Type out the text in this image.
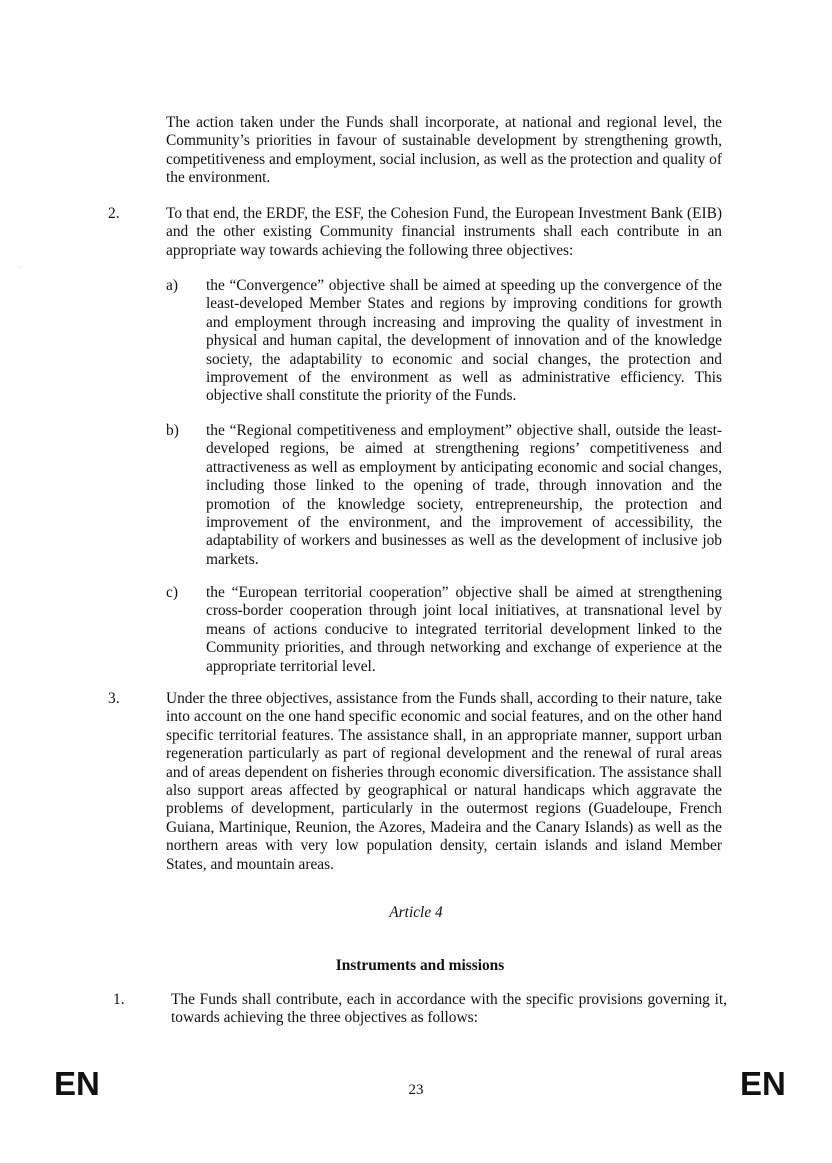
·.·
The action taken under the Funds shall incorporate, at national and regional level, the Community’s priorities in favour of sustainable development by strengthening growth, competitiveness and employment, social inclusion, as well as the protection and quality of the environment.
2.	To that end, the ERDF, the ESF, the Cohesion Fund, the European Investment Bank (EIB) and the other existing Community financial instruments shall each contribute in an appropriate way towards achieving the following three objectives:
a) the “Convergence” objective shall be aimed at speeding up the convergence of the least-developed Member States and regions by improving conditions for growth and employment through increasing and improving the quality of investment in physical and human capital, the development of innovation and of the knowledge society, the adaptability to economic and social changes, the protection and improvement of the environment as well as administrative efficiency. This objective shall constitute the priority of the Funds.
b) the “Regional competitiveness and employment” objective shall, outside the least-developed regions, be aimed at strengthening regions’ competitiveness and attractiveness as well as employment by anticipating economic and social changes, including those linked to the opening of trade, through innovation and the promotion of the knowledge society, entrepreneurship, the protection and improvement of the environment, and the improvement of accessibility, the adaptability of workers and businesses as well as the development of inclusive job markets.
c) the “European territorial cooperation” objective shall be aimed at strengthening cross-border cooperation through joint local initiatives, at transnational level by means of actions conducive to integrated territorial development linked to the Community priorities, and through networking and exchange of experience at the appropriate territorial level.
3.	Under the three objectives, assistance from the Funds shall, according to their nature, take into account on the one hand specific economic and social features, and on the other hand specific territorial features. The assistance shall, in an appropriate manner, support urban regeneration particularly as part of regional development and the renewal of rural areas and of areas dependent on fisheries through economic diversification. The assistance shall also support areas affected by geographical or natural handicaps which aggravate the problems of development, particularly in the outermost regions (Guadeloupe, French Guiana, Martinique, Reunion, the Azores, Madeira and the Canary Islands) as well as the northern areas with very low population density, certain islands and island Member States, and mountain areas.
Article 4
Instruments and missions
1.	The Funds shall contribute, each in accordance with the specific provisions governing it, towards achieving the three objectives as follows:
EN	23	EN
